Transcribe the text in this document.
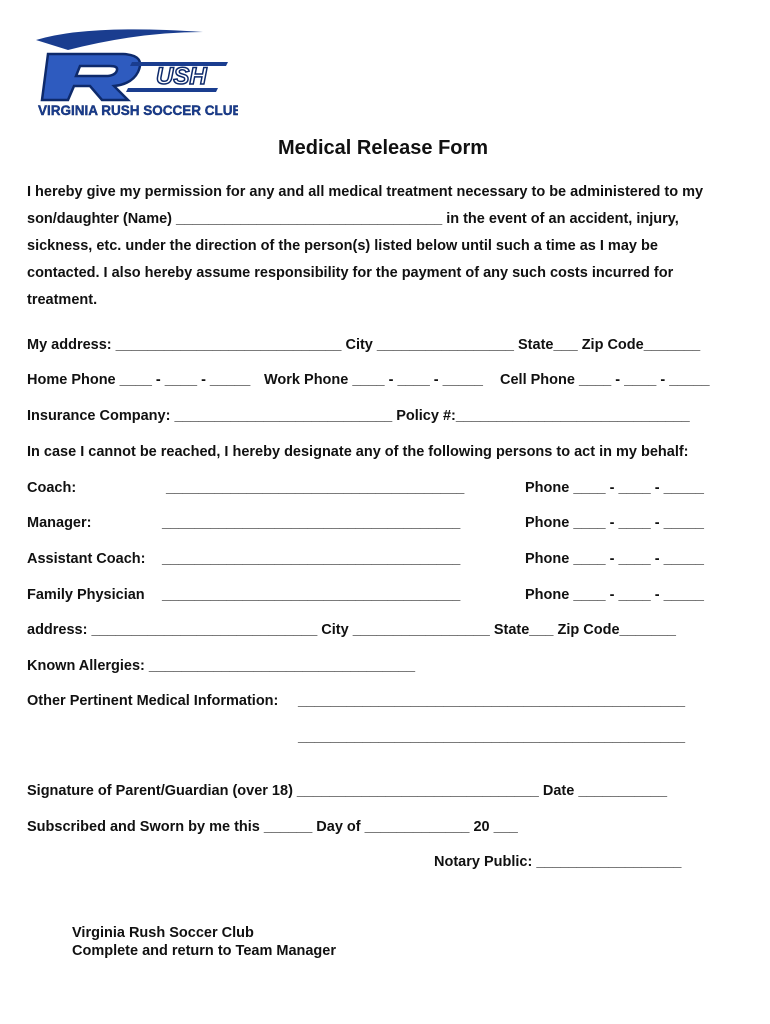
USH
VIRGINIA RUSH SOCCER CLUB
Medical Release Form
I hereby give my permission for any and all medical treatment necessary to be administered to my
son/daughter (Name) _________________________________ in the event of an accident, injury,
sickness, etc. under the direction of the person(s) listed below until such a time as I may be
contacted. I also hereby assume responsibility for the payment of any such costs incurred for
treatment.
My address: ____________________________ City _________________ State___ Zip Code_______
Home Phone ____ - ____ - _____ Work Phone ____ - ____ - _____ Cell Phone ____ - ____ - _____
Insurance Company: ___________________________ Policy #:_____________________________
In case I cannot be reached, I hereby designate any of the following persons to act in my behalf:
Coach:	_____________________________________	Phone ____ - ____ - _____
Manager:	_____________________________________	Phone ____ - ____ - _____
Assistant Coach: _____________________________________	Phone ____ - ____ - _____
Family Physician _____________________________________	Phone ____ - ____ - _____
address: ____________________________ City _________________ State___ Zip Code_______
Known Allergies: _________________________________
Other Pertinent Medical Information: ________________________________________________
________________________________________________
Signature of Parent/Guardian (over 18) ______________________________ Date ___________
Subscribed and Sworn by me this ______ Day of _____________ 20 ___
Notary Public: __________________
Virginia Rush Soccer Club
Complete and return to Team Manager
